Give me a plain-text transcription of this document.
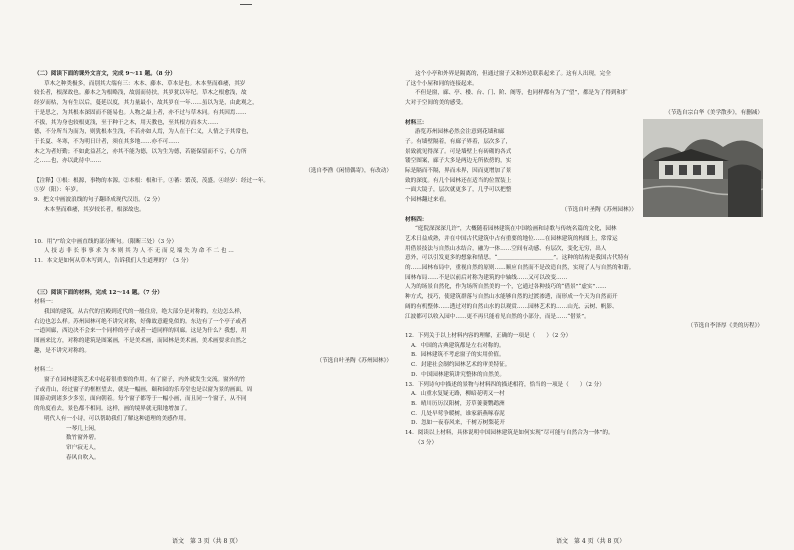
（二）阅读下面的课外文言文，完成 9～11 题。（8 分）
草木之种类极多，而别其大端有三：木本、藤本、草本是也。木本坚而难痿，其岁
较长者，根深故也。藤本之为根略浅，故弱而待扶，其岁犹以年纪。草木之根愈浅，故
经岁而枯，为有生以后，蔓延以度，其力量最小，故其岁在一年……虽以为是，由此观之，
于是思之，为其根本深固而不能易也。人物之最上者，亦不过与草木同。有其因焉……
不拔，其为身也较根更浅，至于种于之木，用天教也，至其根方而本大……
德，不分所当为而为，则犹根本生浅，不若亦如人焉，为人在于仁义，人情之于其常也，
于长夏、冬寒，不为明日计者，须在其多地……亦不可……
木之为者好勤；不如此益甚之，亦其不能为德，以为生为德，若能保留而不亏，心力所
之……也，亦以此待中……
（选自李渔《闲情偶寄》，有改动）
【注释】①根：根源，事物的本源。②本根：根和干。③蕃：繁茂，茂盛。④经岁：经过一年。
⑤岁（阳）：年岁。
9．把文中画波浪线的句子翻译成现代汉语。（2 分）
木本坚而难痿，其岁较长者，根深故也。
10．用“/”给文中画直线的部分断句。（限断三处）（3 分）
人 技 志 非 长 事 事 求 为 本 则 其 为 人 不 无 而 兑 端 失 为 命 不 二 也 …
11．本文是如何从草木写到人，告诉我们人生道理的？（3 分）
（三）阅读下面的材料，完成 12～14 题。（7 分）
材料一：
我国的建筑，从古代的宫殿到近代的一般住房，绝大部分是对称的，左边怎么样，
右边也怎么样。苏州园林可绝不讲究对称，好像故意避免似的。东边有了一个亭子或者
一道回廊，西边决不会来一个同样的亭子或者一道同样的回廊。这是为什么？我想，用
图画来比方，对称的建筑是图案画，不是美术画，而园林是美术画，美术画要求自然之
趣，是不讲究对称的。
（节选自叶圣陶《苏州园林》）
材料二：
窗子在园林建筑艺术中起着很重要的作用。有了窗子，内外就发生交流。窗外的竹
子或青山，经过窗子的框框望去，就是一幅画，颐和园的乐寿堂也是以窗为景的画面，周
围游动到诸多少多室，面向朝着。每个窗子都等于一幅小画，而且同一个窗子，从不同
的角度看去，景色都不相同。这样，画的境界就无限地增加了。
明代人有一小诗，可以帮助我们了解这种道理的美感作用。
一琴几上闲，
数竹窗外碧。
帘户寂无人，
春风自吹入。
语文　第 3 页（共 8 页）
这个小亭和外界是隔离的，但通过窗子又和外边联系起来了。这有人出现，完全
了这个小屋和同的连接起来。
不但是窗，廊、亭、楼、台、门、阶、阁等，也同样都有为了“望”，都是为了得到和扩
大对于空间的美的感受。
（节选自宗白华《美学散步》，有删减）
材料三：
游览苏州园林必然会注意到花墙和廊
子。有墙壁隔着，有廊子界着，层次多了，
景致就见得深了。可是墙壁上有砖砌的各式
镂空图案，廊子大多是两边无所依傍的，实
际是隔而不隔，界而未界，因而更增加了景
致的深度。有几个园林还在适当的位置装上
一面大镜子，层次就更多了，几乎可以把整
个园林翻过来看。
（节选自叶圣陶《苏州园林》）
材料四：
“庭院深深深几许”，大概随着园林建筑在中国绘画和诗歌与传统名篇的文化，园林
艺术日益成熟，并在中国古代建筑中占有重要的地位……在园林建筑的构图上，常常运
用借景技法与自然山水结合，融为一体……空间有动感、有层次，变化无穷，出人
意外，可以引发更多的想象和情思。“＿＿＿＿＿＿＿＿＿＿”。这种的结构是我国古代特有
的……园林布局中，重视自然的原则……顺应自然而不是改造自然，实现了人与自然的和谐。
园林布局……不是以前后对称为建筑的中轴线……又可以改变……
人为的场景自然化，作为场所自然美的一个，它通过各种技巧的“借景”“虚实”……
种方式，技巧，使建筑群落与自然山水能够自然的过渡渗透，而形成一个天为自然而开
阔的有机整体……透过对的自然山水的以观赏……园林艺术的……山光、云树、帆影、
江波都可以收入园中……更不再只能看见自然的小部分，而是……“借景”。
（节选自李泽厚《美的历程》）
12．下列关于以上材料内容的理解，正确的一项是（　　）（2 分）
A．中国的古典建筑都是左右对称的。
B．园林建筑不考虑窗子的实用价值。
C．封建社会制约园林艺术的审美特征。
D．中国园林建筑讲究整体的自然美。
13．下列诗句中描述的景物与材料四的描述相符，恰当的一项是（　　）（2 分）
A．山重水复疑无路，柳暗花明又一村
B．晴川历历汉阳树，芳草萋萋鹦鹉洲
C．几处早莺争暖树，谁家新燕啄春泥
D．忽如一夜春风来，千树万树梨花开
14．阅读以上材料，具体说明中国园林建筑是如何实现“尽可能与自然合为一体”的。
（3 分）
语文　第 4 页（共 8 页）
